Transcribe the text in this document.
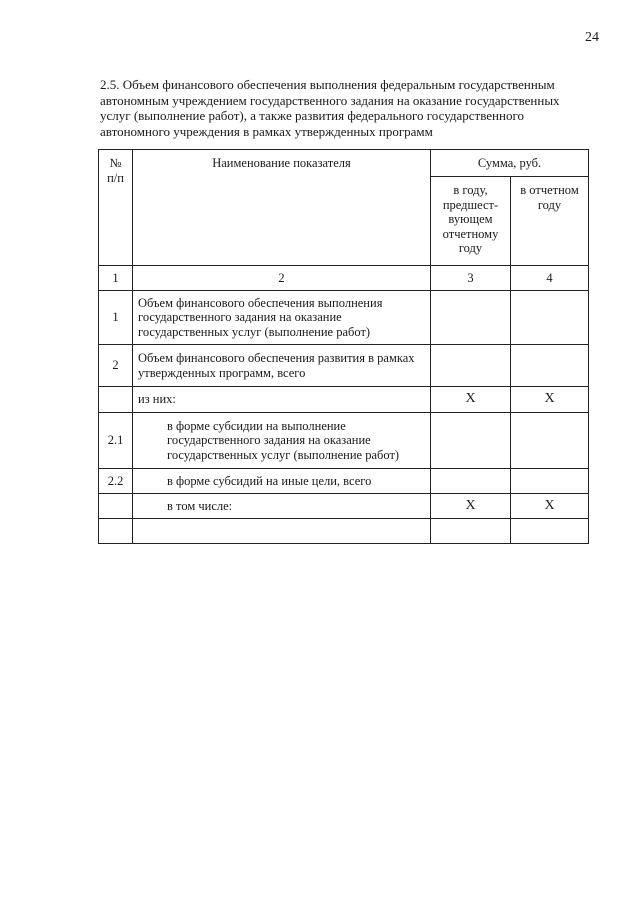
24
2.5. Объем финансового обеспечения выполнения федеральным государственным
автономным учреждением государственного задания на оказание государственных
услуг (выполнение работ), а также развития федерального государственного
автономного учреждения в рамках утвержденных программ
№ п/п	Наименование показателя	Сумма, руб.	
		в году, предшест- вующем отчетному году	в отчетном году
1	2	3	4
1	Объем финансового обеспечения выполнения государственного задания на оказание государственных услуг (выполнение работ)		
2	Объем финансового обеспечения развития в рамках утвержденных программ, всего		
	из них:	X	X
2.1	в форме субсидии на выполнение государственного задания на оказание государственных услуг (выполнение работ)		
2.2	в форме субсидий на иные цели, всего		
	в том числе:	X	X
